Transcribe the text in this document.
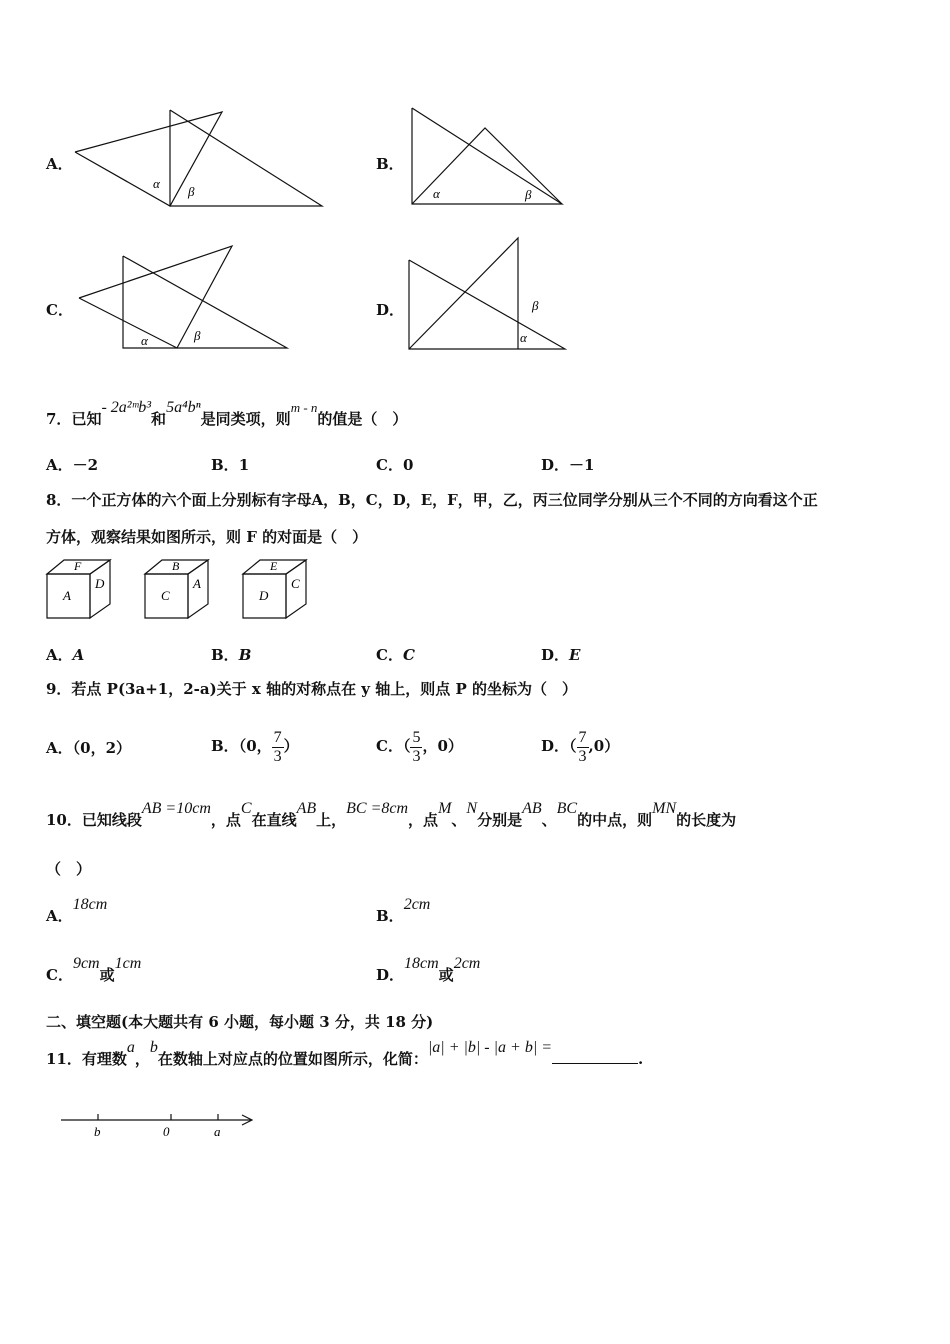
A．
α
β
B．
α	β
C．
α	β
D．
α
β
7．已知- 2a²ᵐb³和5a⁴bⁿ是同类项，则m - n的值是（　）
A．－2	B．1	C．0	D．－1
8．一个正方体的六个面上分别标有字母A，B，C，D，E，F，甲，乙，丙三位同学分别从三个不同的方向看这个正
方体，观察结果如图所示，则 F 的对面是（　）
F
A
D
B
C
A
E
D
C
A．A	B．B	C．C	D．E
9．若点 P(3a+1，2-a)关于 x 轴的对称点在 y 轴上，则点 P 的坐标为（　）
A．（0，2）	B．（0， $\frac{7}{3}$ ）	C．（ $\frac{5}{3}$ ，0）	D．（ $\frac{7}{3} ,0$）
10．已知线段AB =10cm，点C在直线AB上，BC =8cm，点M、N分别是AB、BC的中点，则MN的长度为
（　）
A．18cm
B．2cm
C．9cm或1cm
D．18cm或2cm
二、填空题(本大题共有 6 小题，每小题 3 分，共 18 分)
11．有理数a，b在数轴上对应点的位置如图所示，化简：|a| + |b| - |a + b| =.
b	0	a
